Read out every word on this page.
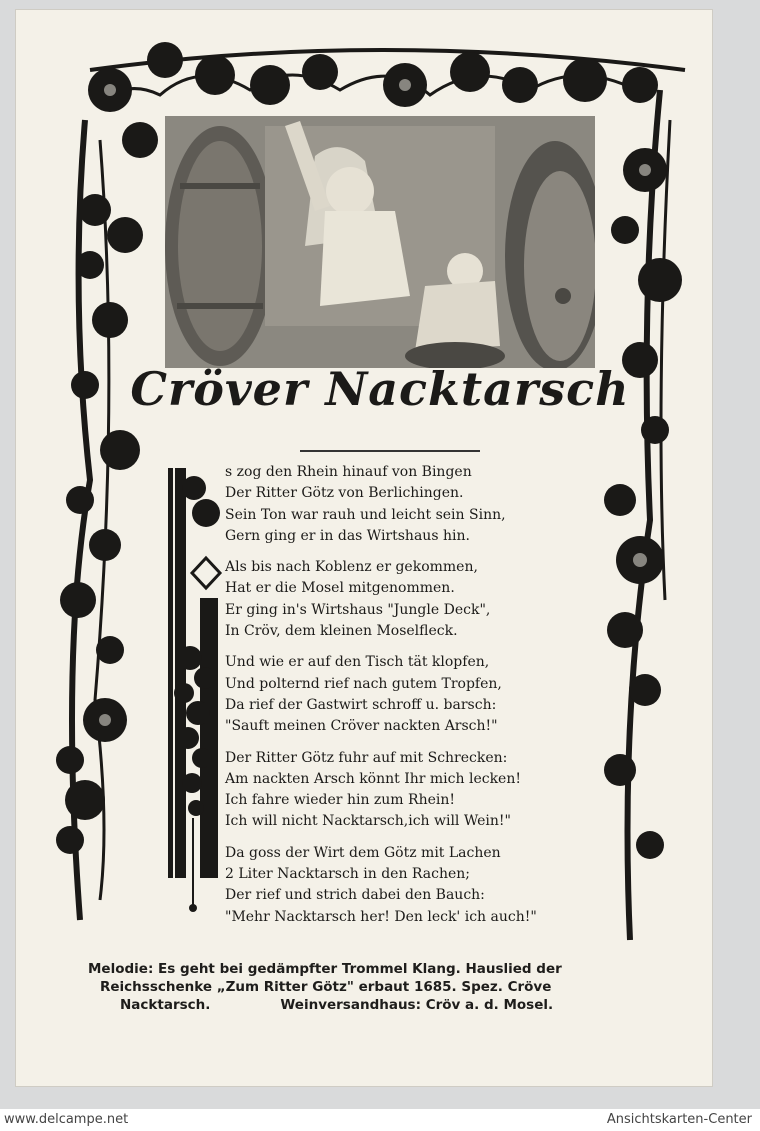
Cröver Nacktarsch
s zog den Rhein hinauf von Bingen
Der Ritter Götz von Berlichingen.
Sein Ton war rauh und leicht sein Sinn,
Gern ging er in das Wirtshaus hin.
Als bis nach Koblenz er gekommen,
Hat er die Mosel mitgenommen.
Er ging in's Wirtshaus "Jungle Deck",
In Cröv, dem kleinen Moselfleck.
Und wie er auf den Tisch tät klopfen,
Und polternd rief nach gutem Tropfen,
Da rief der Gastwirt schroff u. barsch:
"Sauft meinen Cröver nackten Arsch!"
Der Ritter Götz fuhr auf mit Schrecken:
Am nackten Arsch könnt Ihr mich lecken!
Ich fahre wieder hin zum Rhein!
Ich will nicht Nacktarsch,ich will Wein!"
Da goss der Wirt dem Götz mit Lachen
2 Liter Nacktarsch in den Rachen;
Der rief und strich dabei den Bauch:
"Mehr Nacktarsch her! Den leck' ich auch!"
Melodie: Es geht bei gedämpfter Trommel Klang. Hauslied der
Reichsschenke „Zum Ritter Götz" erbaut 1685. Spez. Cröve
Nacktarsch.	Weinversandhaus: Cröv a. d. Mosel.
www.delcampe.net	Ansichtskarten-Center
